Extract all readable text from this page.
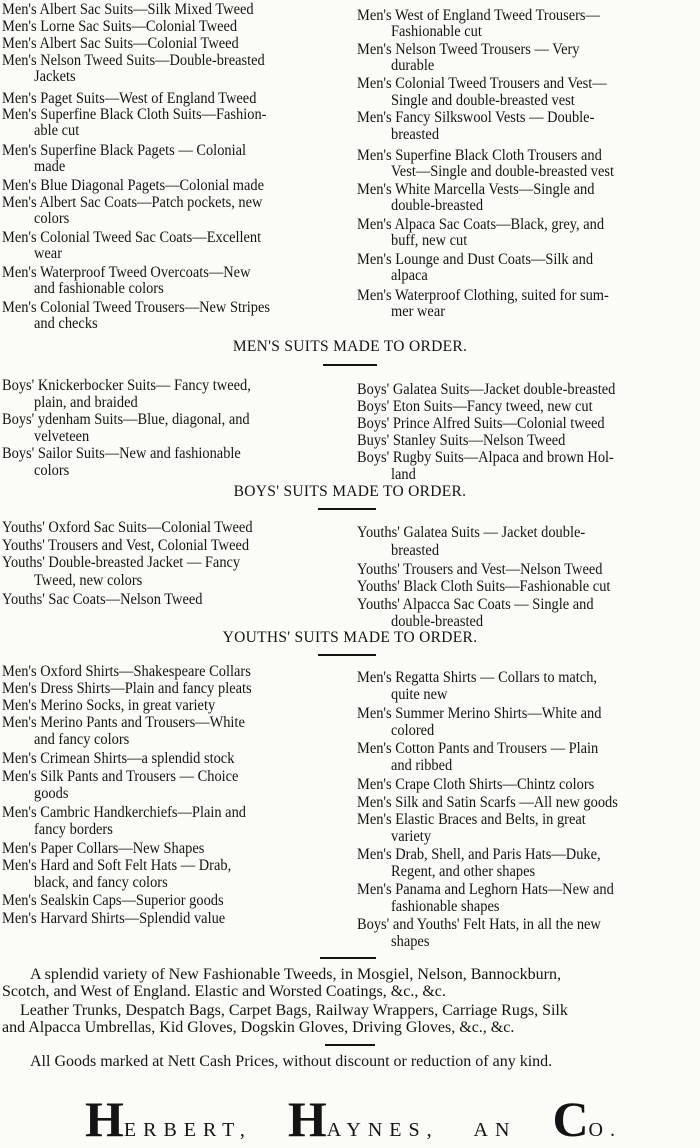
Men's Albert Sac Suits—Silk Mixed Tweed
Men's Lorne Sac Suits—Colonial Tweed
Men's Albert Sac Suits—Colonial Tweed
Men's Nelson Tweed Suits—Double-breasted
Jackets
Men's Paget Suits—West of England Tweed
Men's Superfine Black Cloth Suits—Fashion-
able cut
Men's Superfine Black Pagets — Colonial
made
Men's Blue Diagonal Pagets—Colonial made
Men's Albert Sac Coats—Patch pockets, new
colors
Men's Colonial Tweed Sac Coats—Excellent
wear
Men's Waterproof Tweed Overcoats—New
and fashionable colors
Men's Colonial Tweed Trousers—New Stripes
and checks
Men's West of England Tweed Trousers—
Fashionable cut
Men's Nelson Tweed Trousers — Very
durable
Men's Colonial Tweed Trousers and Vest—
Single and double-breasted vest
Men's Fancy Silkswool Vests — Double-
breasted
Men's Superfine Black Cloth Trousers and
Vest—Single and double-breasted vest
Men's White Marcella Vests—Single and
double-breasted
Men's Alpaca Sac Coats—Black, grey, and
buff, new cut
Men's Lounge and Dust Coats—Silk and
alpaca
Men's Waterproof Clothing, suited for sum-
mer wear
MEN'S SUITS MADE TO ORDER.
Boys' Knickerbocker Suits— Fancy tweed,
plain, and braided
Boys' ydenham Suits—Blue, diagonal, and
velveteen
Boys' Sailor Suits—New and fashionable
colors
Boys' Galatea Suits—Jacket double-breasted
Boys' Eton Suits—Fancy tweed, new cut
Boys' Prince Alfred Suits—Colonial tweed
Buys' Stanley Suits—Nelson Tweed
Boys' Rugby Suits—Alpaca and brown Hol-
land
BOYS' SUITS MADE TO ORDER.
Youths' Oxford Sac Suits—Colonial Tweed
Youths' Trousers and Vest, Colonial Tweed
Youths' Double-breasted Jacket — Fancy
Tweed, new colors
Youths' Sac Coats—Nelson Tweed
Youths' Galatea Suits — Jacket double-
breasted
Youths' Trousers and Vest—Nelson Tweed
Youths' Black Cloth Suits—Fashionable cut
Youths' Alpacca Sac Coats — Single and
double-breasted
YOUTHS' SUITS MADE TO ORDER.
Men's Oxford Shirts—Shakespeare Collars
Men's Dress Shirts—Plain and fancy pleats
Men's Merino Socks, in great variety
Men's Merino Pants and Trousers—White
and fancy colors
Men's Crimean Shirts—a splendid stock
Men's Silk Pants and Trousers — Choice
goods
Men's Cambric Handkerchiefs—Plain and
fancy borders
Men's Paper Collars—New Shapes
Men's Hard and Soft Felt Hats — Drab,
black, and fancy colors
Men's Sealskin Caps—Superior goods
Men's Harvard Shirts—Splendid value
Men's Regatta Shirts — Collars to match,
quite new
Men's Summer Merino Shirts—White and
colored
Men's Cotton Pants and Trousers — Plain
and ribbed
Men's Crape Cloth Shirts—Chintz colors
Men's Silk and Satin Scarfs —All new goods
Men's Elastic Braces and Belts, in great
variety
Men's Drab, Shell, and Paris Hats—Duke,
Regent, and other shapes
Men's Panama and Leghorn Hats—New and
fashionable shapes
Boys' and Youths' Felt Hats, in all the new
shapes
A splendid variety of New Fashionable Tweeds, in Mosgiel, Nelson, Bannockburn,
Scotch, and West of England. Elastic and Worsted Coatings, &c., &c.
Leather Trunks, Despatch Bags, Carpet Bags, Railway Wrappers, Carriage Rugs, Silk
and Alpacca Umbrellas, Kid Gloves, Dogskin Gloves, Driving Gloves, &c., &c.
All Goods marked at Nett Cash Prices, without discount or reduction of any kind.
HERBERT, HAYNES, AN CO.
